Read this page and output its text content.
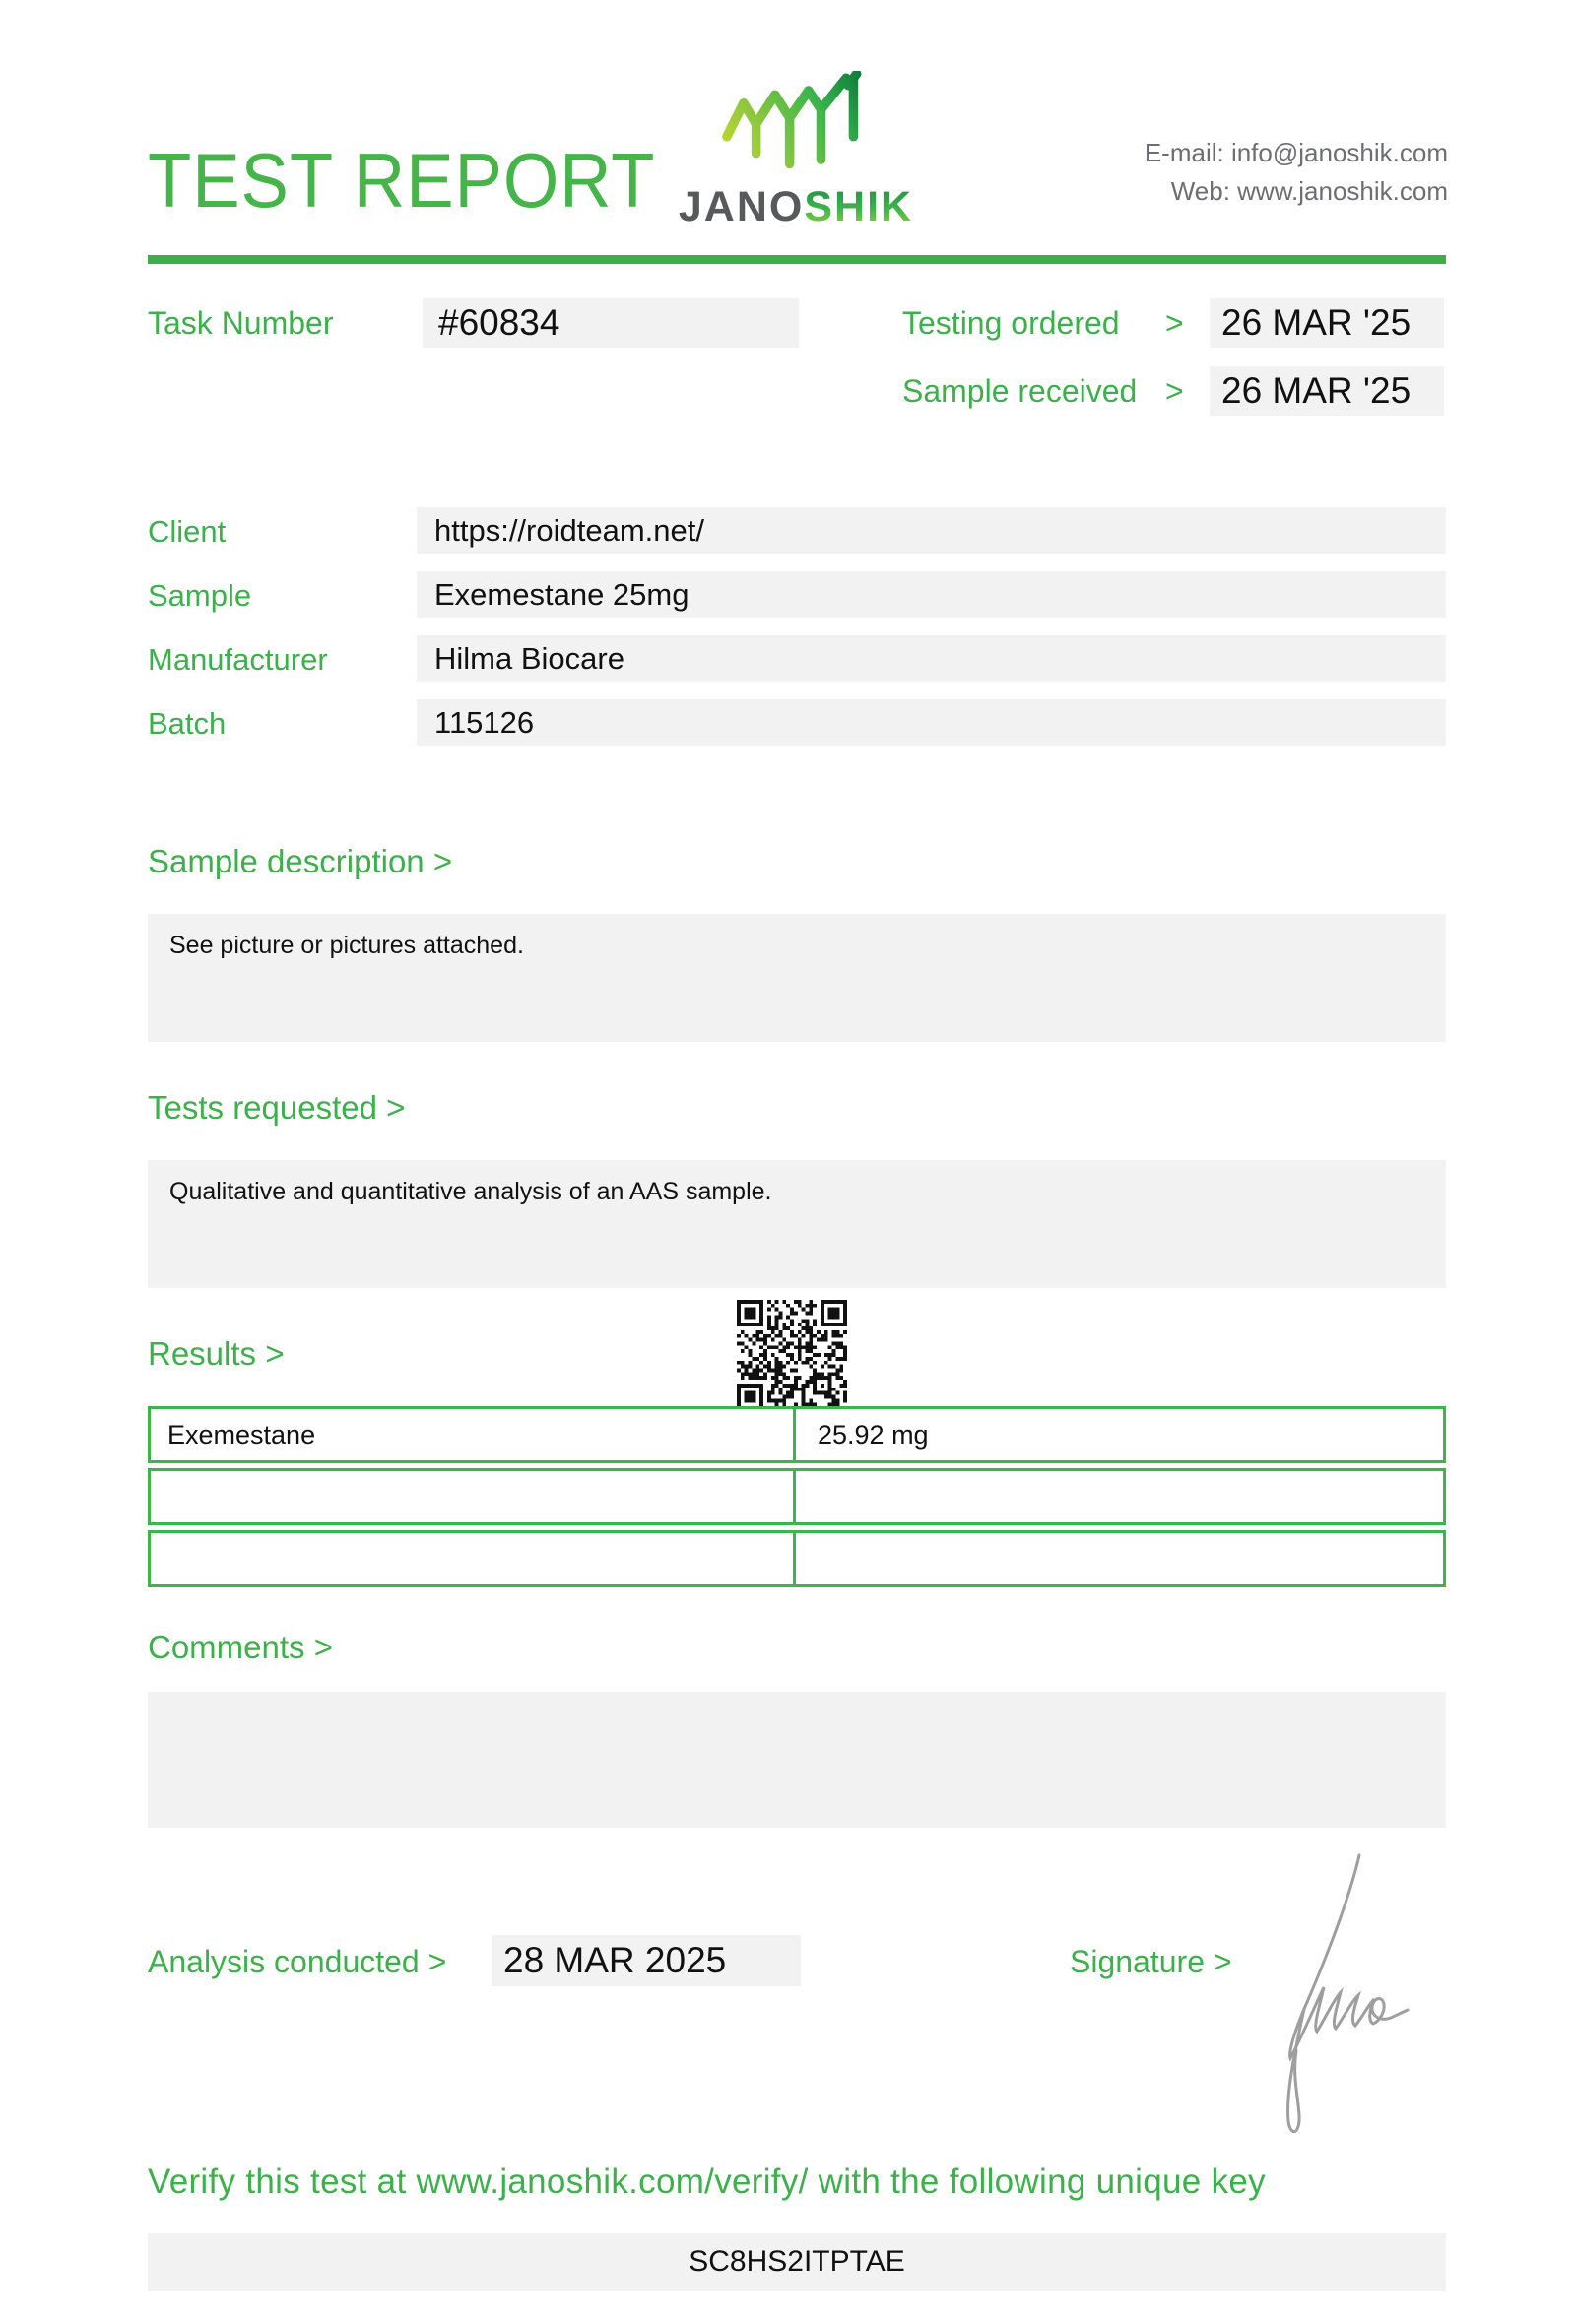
TEST REPORT JANOSHIK
E-mail: info@janoshik.com
Web: www.janoshik.com
Task Number	#60834	Testing ordered > 26 MAR '25
Sample received > 26 MAR '25
Client	https://roidteam.net/
Sample	Exemestane 25mg
Manufacturer	Hilma Biocare
Batch	115126
Sample description >
See picture or pictures attached.
Tests requested >
Qualitative and quantitative analysis of an AAS sample.
Results >
Exemestane	25.92 mg
Comments >
Analysis conducted > 28 MAR 2025	Signature >
Verify this test at www.janoshik.com/verify/ with the following unique key
SC8HS2ITPTAE
